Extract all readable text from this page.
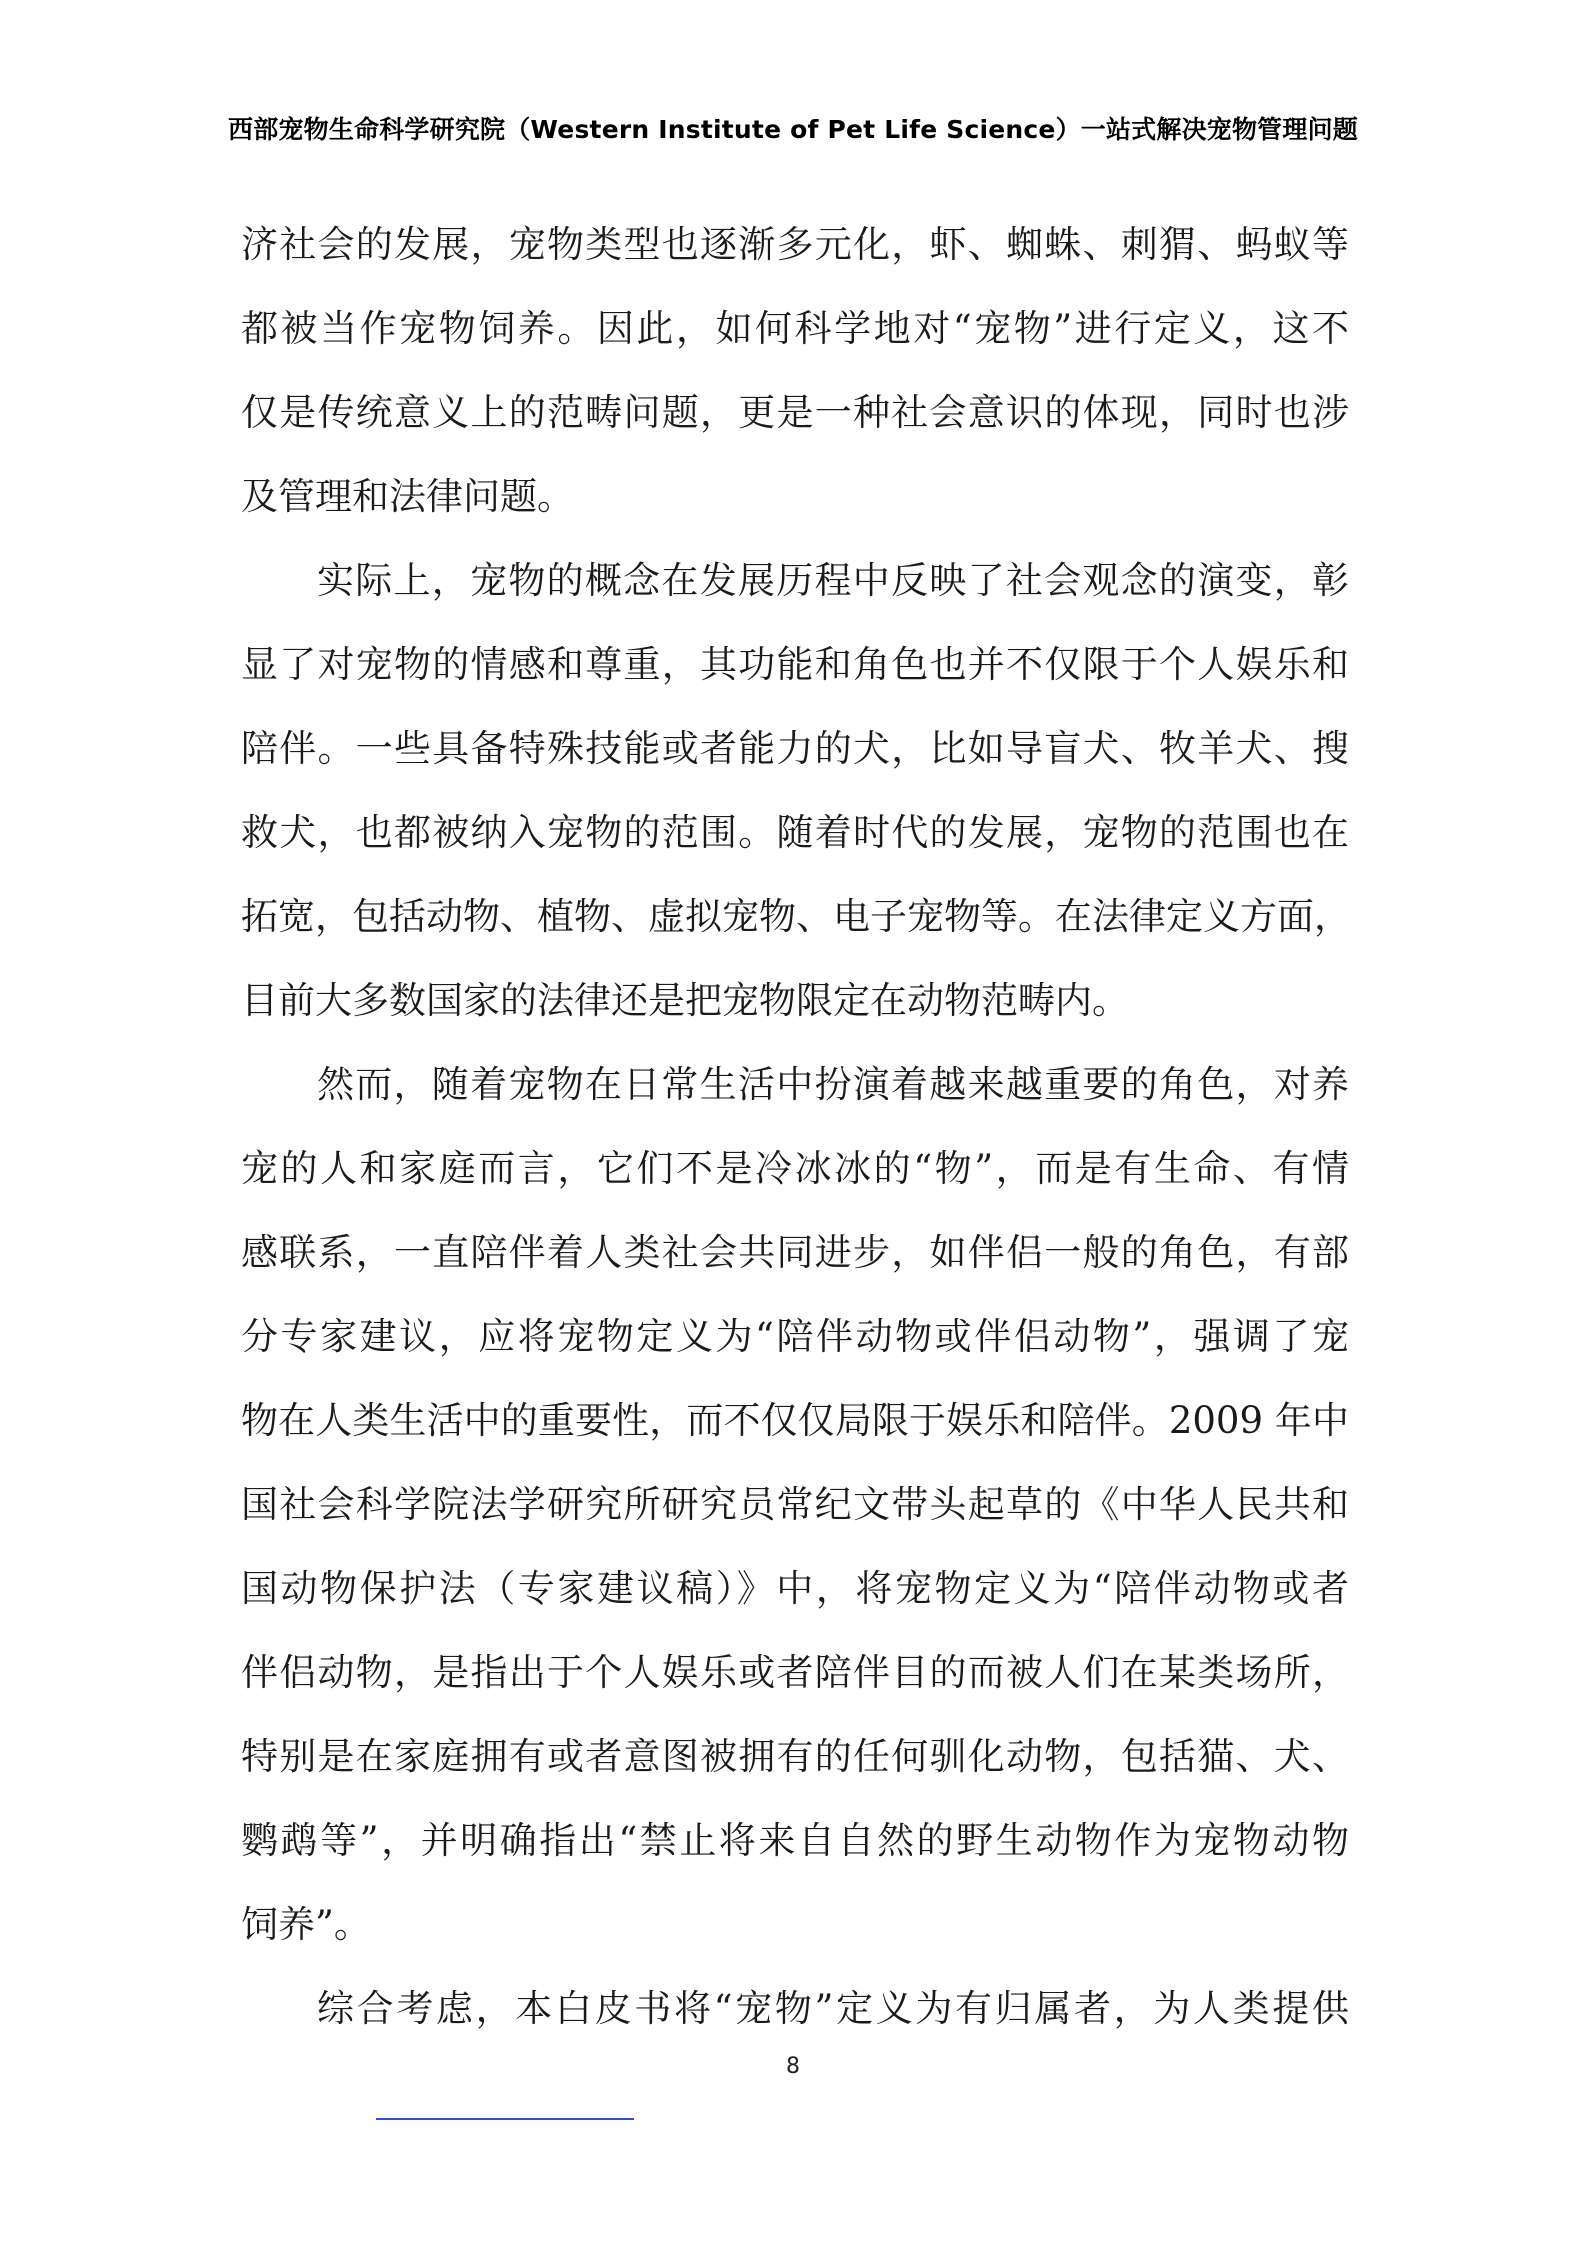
西部宠物生命科学研究院（Western Institute of Pet Life Science）一站式解决宠物管理问题
济社会的发展，宠物类型也逐渐多元化，虾、蜘蛛、刺猬、蚂蚁等
都被当作宠物饲养。因此，如何科学地对“宠物”进行定义，这不
仅是传统意义上的范畴问题，更是一种社会意识的体现，同时也涉
及管理和法律问题。
实际上，宠物的概念在发展历程中反映了社会观念的演变，彰
显了对宠物的情感和尊重，其功能和角色也并不仅限于个人娱乐和
陪伴。一些具备特殊技能或者能力的犬，比如导盲犬、牧羊犬、搜
救犬，也都被纳入宠物的范围。随着时代的发展，宠物的范围也在
拓宽，包括动物、植物、虚拟宠物、电子宠物等。在法律定义方面，
目前大多数国家的法律还是把宠物限定在动物范畴内。
然而，随着宠物在日常生活中扮演着越来越重要的角色，对养
宠的人和家庭而言，它们不是冷冰冰的“物”，而是有生命、有情
感联系，一直陪伴着人类社会共同进步，如伴侣一般的角色，有部
分专家建议，应将宠物定义为“陪伴动物或伴侣动物”，强调了宠
物在人类生活中的重要性，而不仅仅局限于娱乐和陪伴。2009 年中
国社会科学院法学研究所研究员常纪文带头起草的《中华人民共和
国动物保护法（专家建议稿）》中，将宠物定义为“陪伴动物或者
伴侣动物，是指出于个人娱乐或者陪伴目的而被人们在某类场所，
特别是在家庭拥有或者意图被拥有的任何驯化动物，包括猫、犬、
鹦鹉等”，并明确指出“禁止将来自自然的野生动物作为宠物动物
饲养”。
综合考虑，本白皮书将“宠物”定义为有归属者，为人类提供
8
